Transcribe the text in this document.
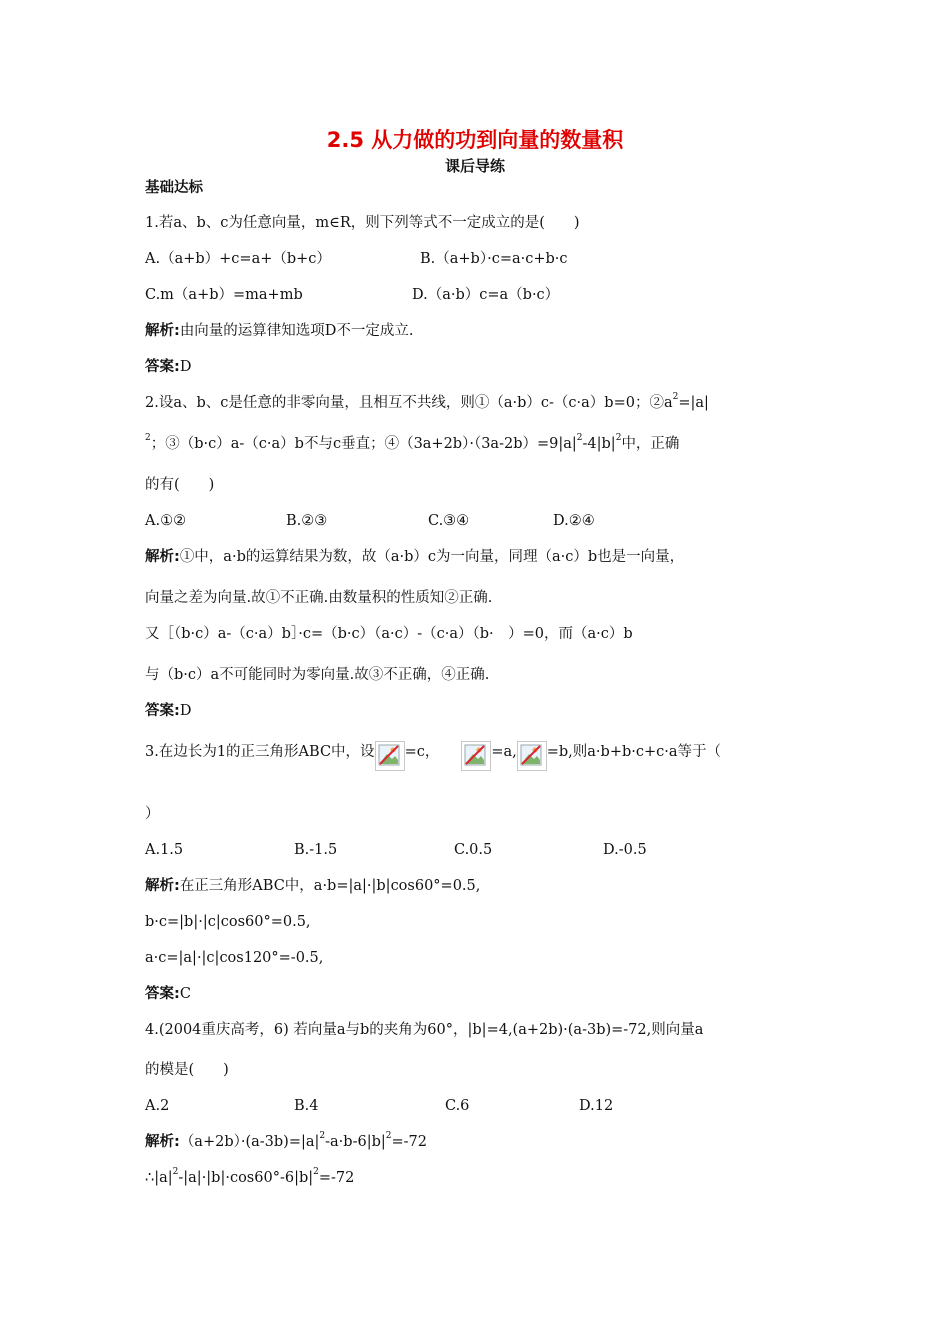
2.5 从力做的功到向量的数量积
课后导练
基础达标
1.若a、b、c为任意向量，m∈R，则下列等式不一定成立的是(　　)
A.（a+b）+c=a+（b+c）	B.（a+b）·c=a·c+b·c
C.m（a+b）=ma+mb	D.（a·b）c=a（b·c）
解析:由向量的运算律知选项D不一定成立.
答案:D
2.设a、b、c是任意的非零向量，且相互不共线，则①（a·b）c-（c·a）b=0；$②a^2=|a|$
$^2$；③（b·c）a-（c·a）b不与c垂直；$④(3a+2b)\cdot(3a-2b)=9|a|^2-4|b|^2$中，正确
的有(　　)
A.①②	B.②③	C.③④	D.②④
解析:①中，a·b的运算结果为数，故（a·b）c为一向量，同理（a·c）b也是一向量，
向量之差为向量.故①不正确.由数量积的性质知②正确.
又［（b·c）a-（c·a）b］·c=（b·c）（a·c）-（c·a）（b·　）=0，而（a·c）b
与（b·c）a不可能同时为零向量.故③不正确，④正确.
答案:D
3.在边长为1的正三角形ABC中，设 =c，	=a, =b,则a·b+b·c+c·a等于（
）
A.1.5	B.-1.5	C.0.5	D.-0.5
解析:在正三角形ABC中，a·b=|a|·|b|cos60°=0.5,
b·c=|b|·|c|cos60°=0.5,
a·c=|a|·|c|cos120°=-0.5,
答案:C
4.(2004重庆高考，6) 若向量a与b的夹角为60°，|b|=4,(a+2b)·(a-3b)=-72,则向量a
的模是(　　)
A.2	B.4	C.6	D.12
解析$:(a+2b)\cdot(a-3b)=|a|^2-a\cdot b-6|b|^2=-72$
$\therefore|a|^2-|a|\cdot|b|\cdot\cos 60^\circ-6|b|^2=-72$
